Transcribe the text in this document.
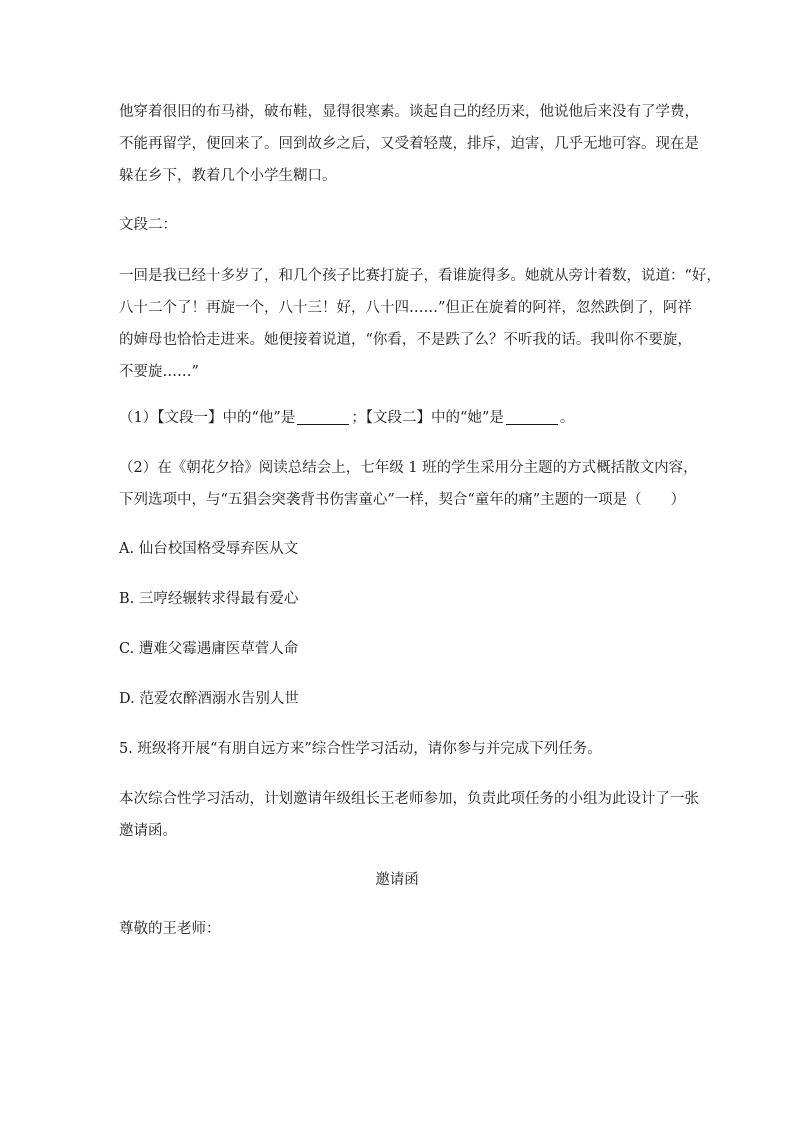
他穿着很旧的布马褂，破布鞋，显得很寒素。谈起自己的经历来，他说他后来没有了学费，
不能再留学，便回来了。回到故乡之后，又受着轻蔑，排斥，迫害，几乎无地可容。现在是
躲在乡下，教着几个小学生糊口。

文段二：

一回是我已经十多岁了，和几个孩子比赛打旋子，看谁旋得多。她就从旁计着数，说道：“好，
八十二个了！再旋一个，八十三！好，八十四……”但正在旋着的阿祥，忽然跌倒了，阿祥
的婶母也恰恰走进来。她便接着说道，“你看，不是跌了么？不听我的话。我叫你不要旋，
不要旋……”

（1）【文段一】中的“他”是	；【文段二】中的“她”是	。

（2）在《朝花夕拾》阅读总结会上，七年级 1 班的学生采用分主题的方式概括散文内容，
下列选项中，与“五猖会突袭背书伤害童心”一样，契合“童年的痛”主题的一项是（　　）

A. 仙台校国格受辱弃医从文

B. 三哼经辗转求得最有爱心

C. 遭难父霉遇庸医草菅人命

D. 范爱农醉酒溺水告别人世

5. 班级将开展“有朋自远方来”综合性学习活动，请你参与并完成下列任务。

本次综合性学习活动，计划邀请年级组长王老师参加，负责此项任务的小组为此设计了一张
邀请函。

邀请函

尊敬的王老师：
